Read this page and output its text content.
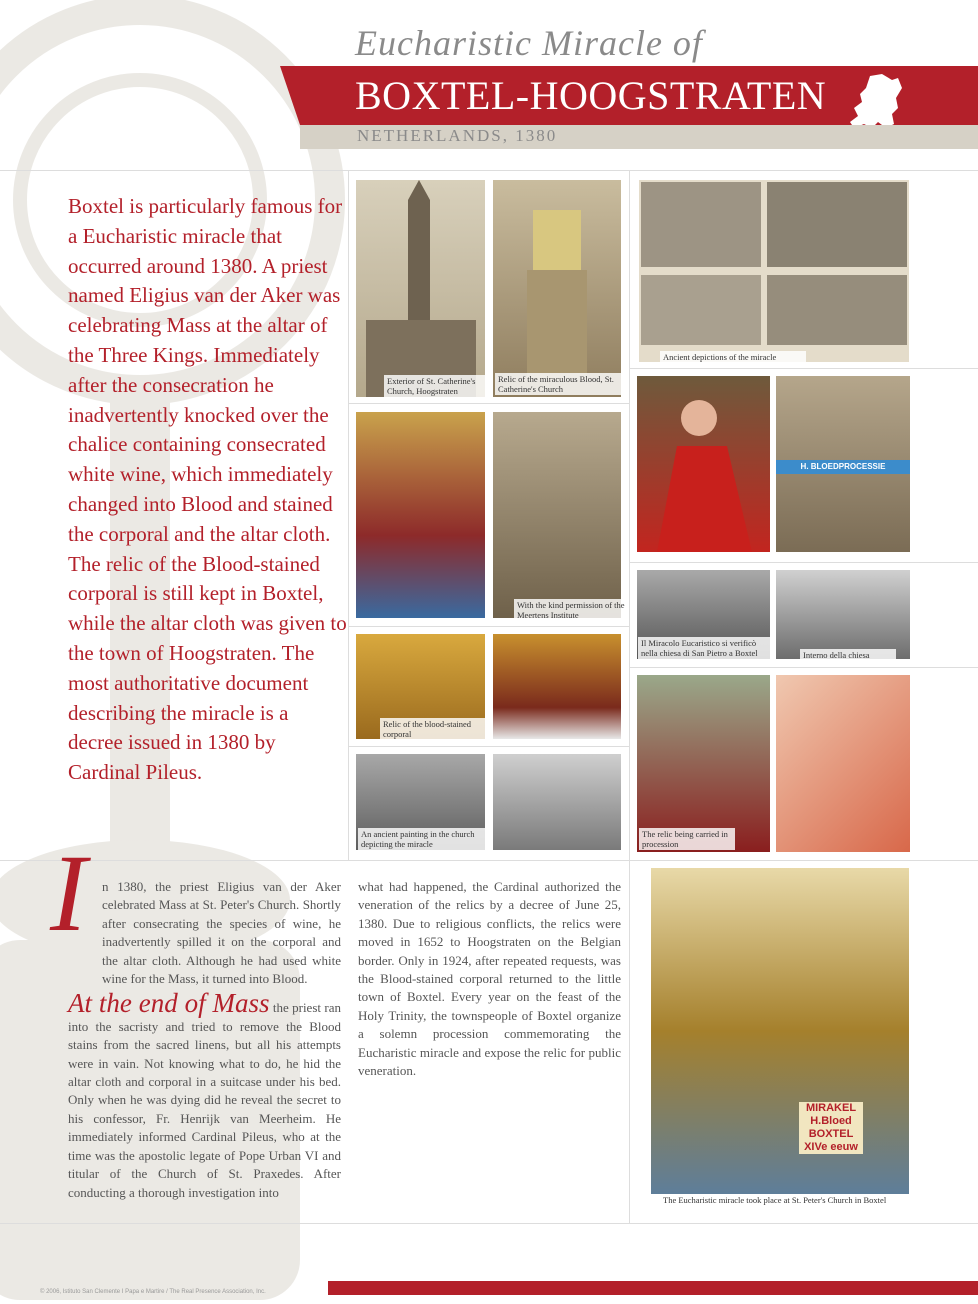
Eucharistic Miracle of
BOXTEL-HOOGSTRATEN
NETHERLANDS, 1380
Boxtel is particularly famous for a Eucharistic miracle that occurred around 1380. A priest named Eligius van der Aker was celebrating Mass at the altar of the Three Kings. Immediately after the consecration he inadvertently knocked over the chalice containing consecrated white wine, which immediately changed into Blood and stained the corporal and the altar cloth. The relic of the Blood-stained corporal is still kept in Boxtel, while the altar cloth was given to the town of Hoogstraten. The most authoritative document describing the miracle is a decree issued in 1380 by Cardinal Pileus.
Exterior of St. Catherine's Church, Hoogstraten
Relic of the miraculous Blood, St. Catherine's Church
Ancient depictions of the miracle
H. BLOEDPROCESSIE
With the kind permission of the Meertens Institute
Il Miracolo Eucaristico si verificò nella chiesa di San Pietro a Boxtel	Interno della chiesa
Relic of the blood-stained corporal
The relic being carried in procession
An ancient painting in the church depicting the miracle
MIRAKEL H.Bloed BOXTEL XIVe eeuw
The Eucharistic miracle took place at St. Peter's Church in Boxtel
I	n 1380, the priest Eligius van der Aker celebrated Mass at St. Peter's Church. Shortly after consecrating the species of wine, he inadvertently spilled it on the corporal and the altar cloth. Although he had used white wine for the Mass, it turned into Blood.

At the end of Mass the priest ran into the sacristy and tried to remove the Blood stains from the sacred linens, but all his attempts were in vain. Not knowing what to do, he hid the altar cloth and corporal in a suitcase under his bed. Only when he was dying did he reveal the secret to his confessor, Fr. Henrijk van Meerheim. He immediately informed Cardinal Pileus, who at the time was the apostolic legate of Pope Urban VI and titular of the Church of St. Praxedes. After conducting a thorough investigation into

what had happened, the Cardinal authorized the veneration of the relics by a decree of June 25, 1380. Due to religious conflicts, the relics were moved in 1652 to Hoogstraten on the Belgian border. Only in 1924, after repeated requests, was the Blood-stained corporal returned to the little town of Boxtel. Every year on the feast of the Holy Trinity, the townspeople of Boxtel organize a solemn procession commemorating the Eucharistic miracle and expose the relic for public veneration.
© 2006, Istituto San Clemente I Papa e Martire / The Real Presence Association, Inc.
